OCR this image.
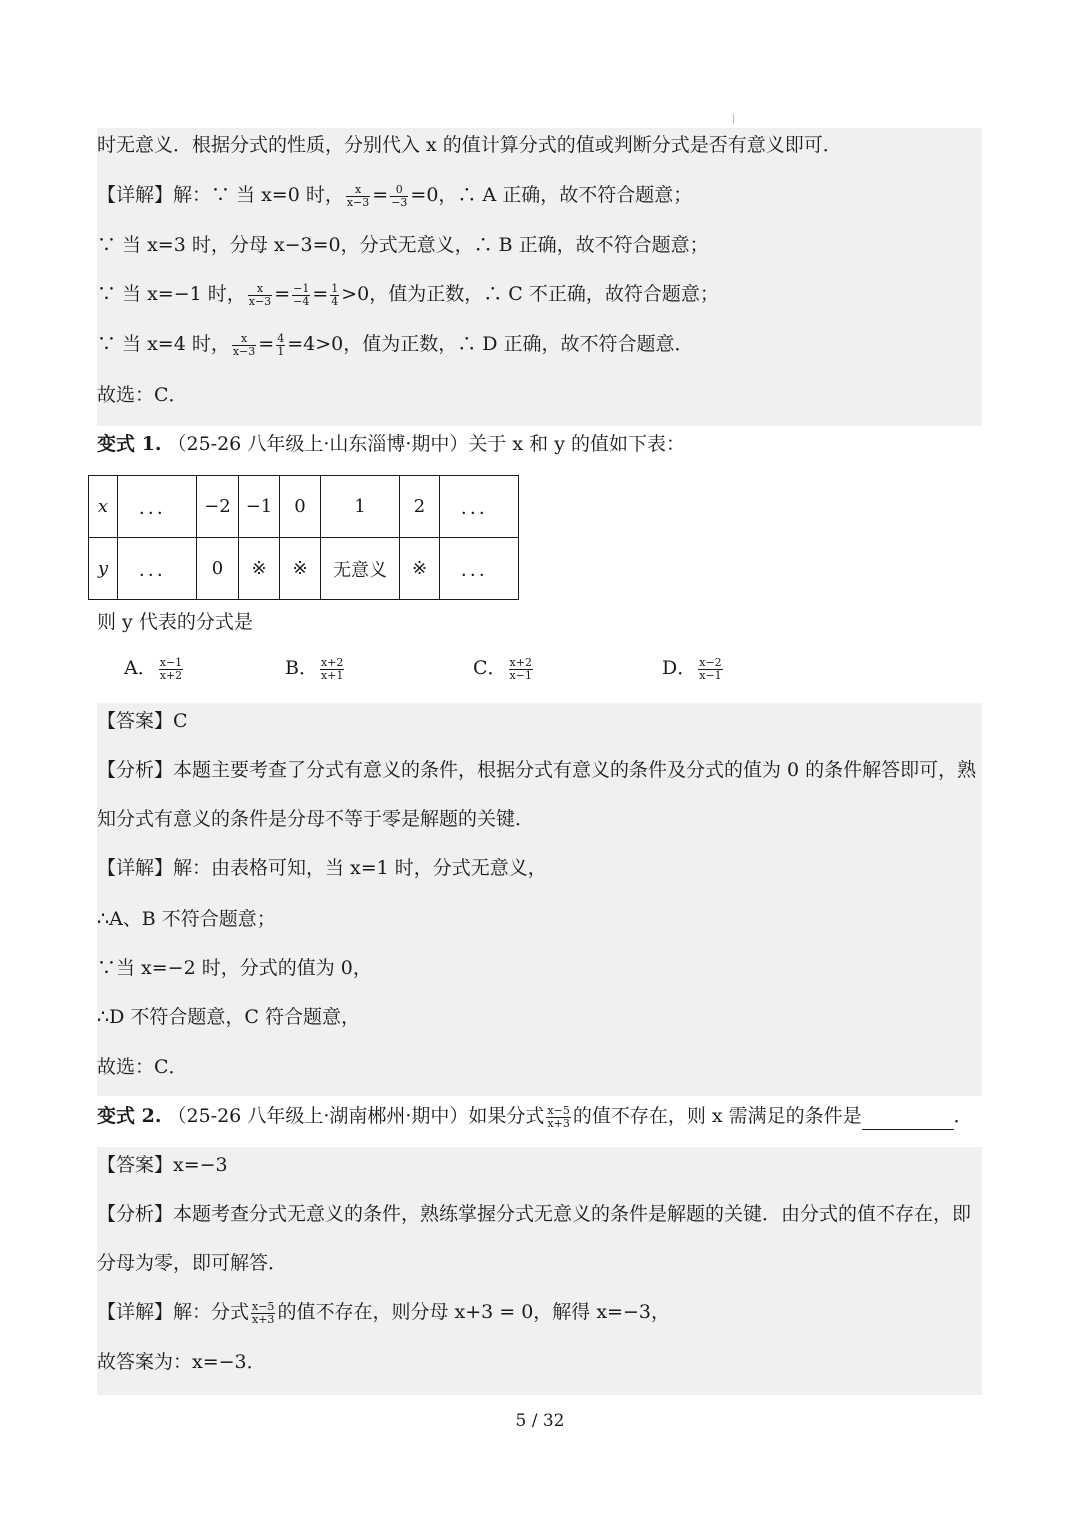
时无意义．根据分式的性质，分别代入 x 的值计算分式的值或判断分式是否有意义即可．
【详解】解：∵ 当 x=0 时， $\frac{x}{x-3} = \frac{0}{-3} =0$，∴ A 正确，故不符合题意；
∵ 当 x=3 时，分母 x−3=0，分式无意义，∴ B 正确，故不符合题意；
∵ 当 x=−1 时， $\frac{x}{x-3} = \frac{-1}{-4} = \frac{1}{4} >0$，值为正数，∴ C 不正确，故符合题意；
∵ 当 x=4 时， $\frac{x}{x-3} = \frac{4}{1} =4>0$，值为正数，∴ D 正确，故不符合题意．
故选：C．
变式 1. （25-26 八年级上·山东淄博·期中）关于 x 和 y 的值如下表：
x	．．．	−2	−1	0	1	2	．．．
y	．．．	0	※	※	无意义	※	．．．
则 y 代表的分式是
A． $\frac{x-1}{x+2}$	B． $\frac{x+2}{x+1}$	C． $\frac{x+2}{x-1}$	D． $\frac{x-2}{x-1}$
【答案】C
【分析】本题主要考查了分式有意义的条件，根据分式有意义的条件及分式的值为 0 的条件解答即可，熟
知分式有意义的条件是分母不等于零是解题的关键．
【详解】解：由表格可知，当 x=1 时，分式无意义，
∴A、B 不符合题意；
∵当 x=−2 时，分式的值为 0，
∴D 不符合题意，C 符合题意，
故选：C．
变式 2. （25-26 八年级上·湖南郴州·期中）如果分式 $\frac{x-5}{x+3}$ 的值不存在，则 x 需满足的条件是	．
【答案】x=−3
【分析】本题考查分式无意义的条件，熟练掌握分式无意义的条件是解题的关键．由分式的值不存在，即
分母为零，即可解答．
【详解】解：分式 $\frac{x-5}{x+3}$ 的值不存在，则分母 x+3 = 0，解得 x=−3，
故答案为：x=−3．
5 / 32
